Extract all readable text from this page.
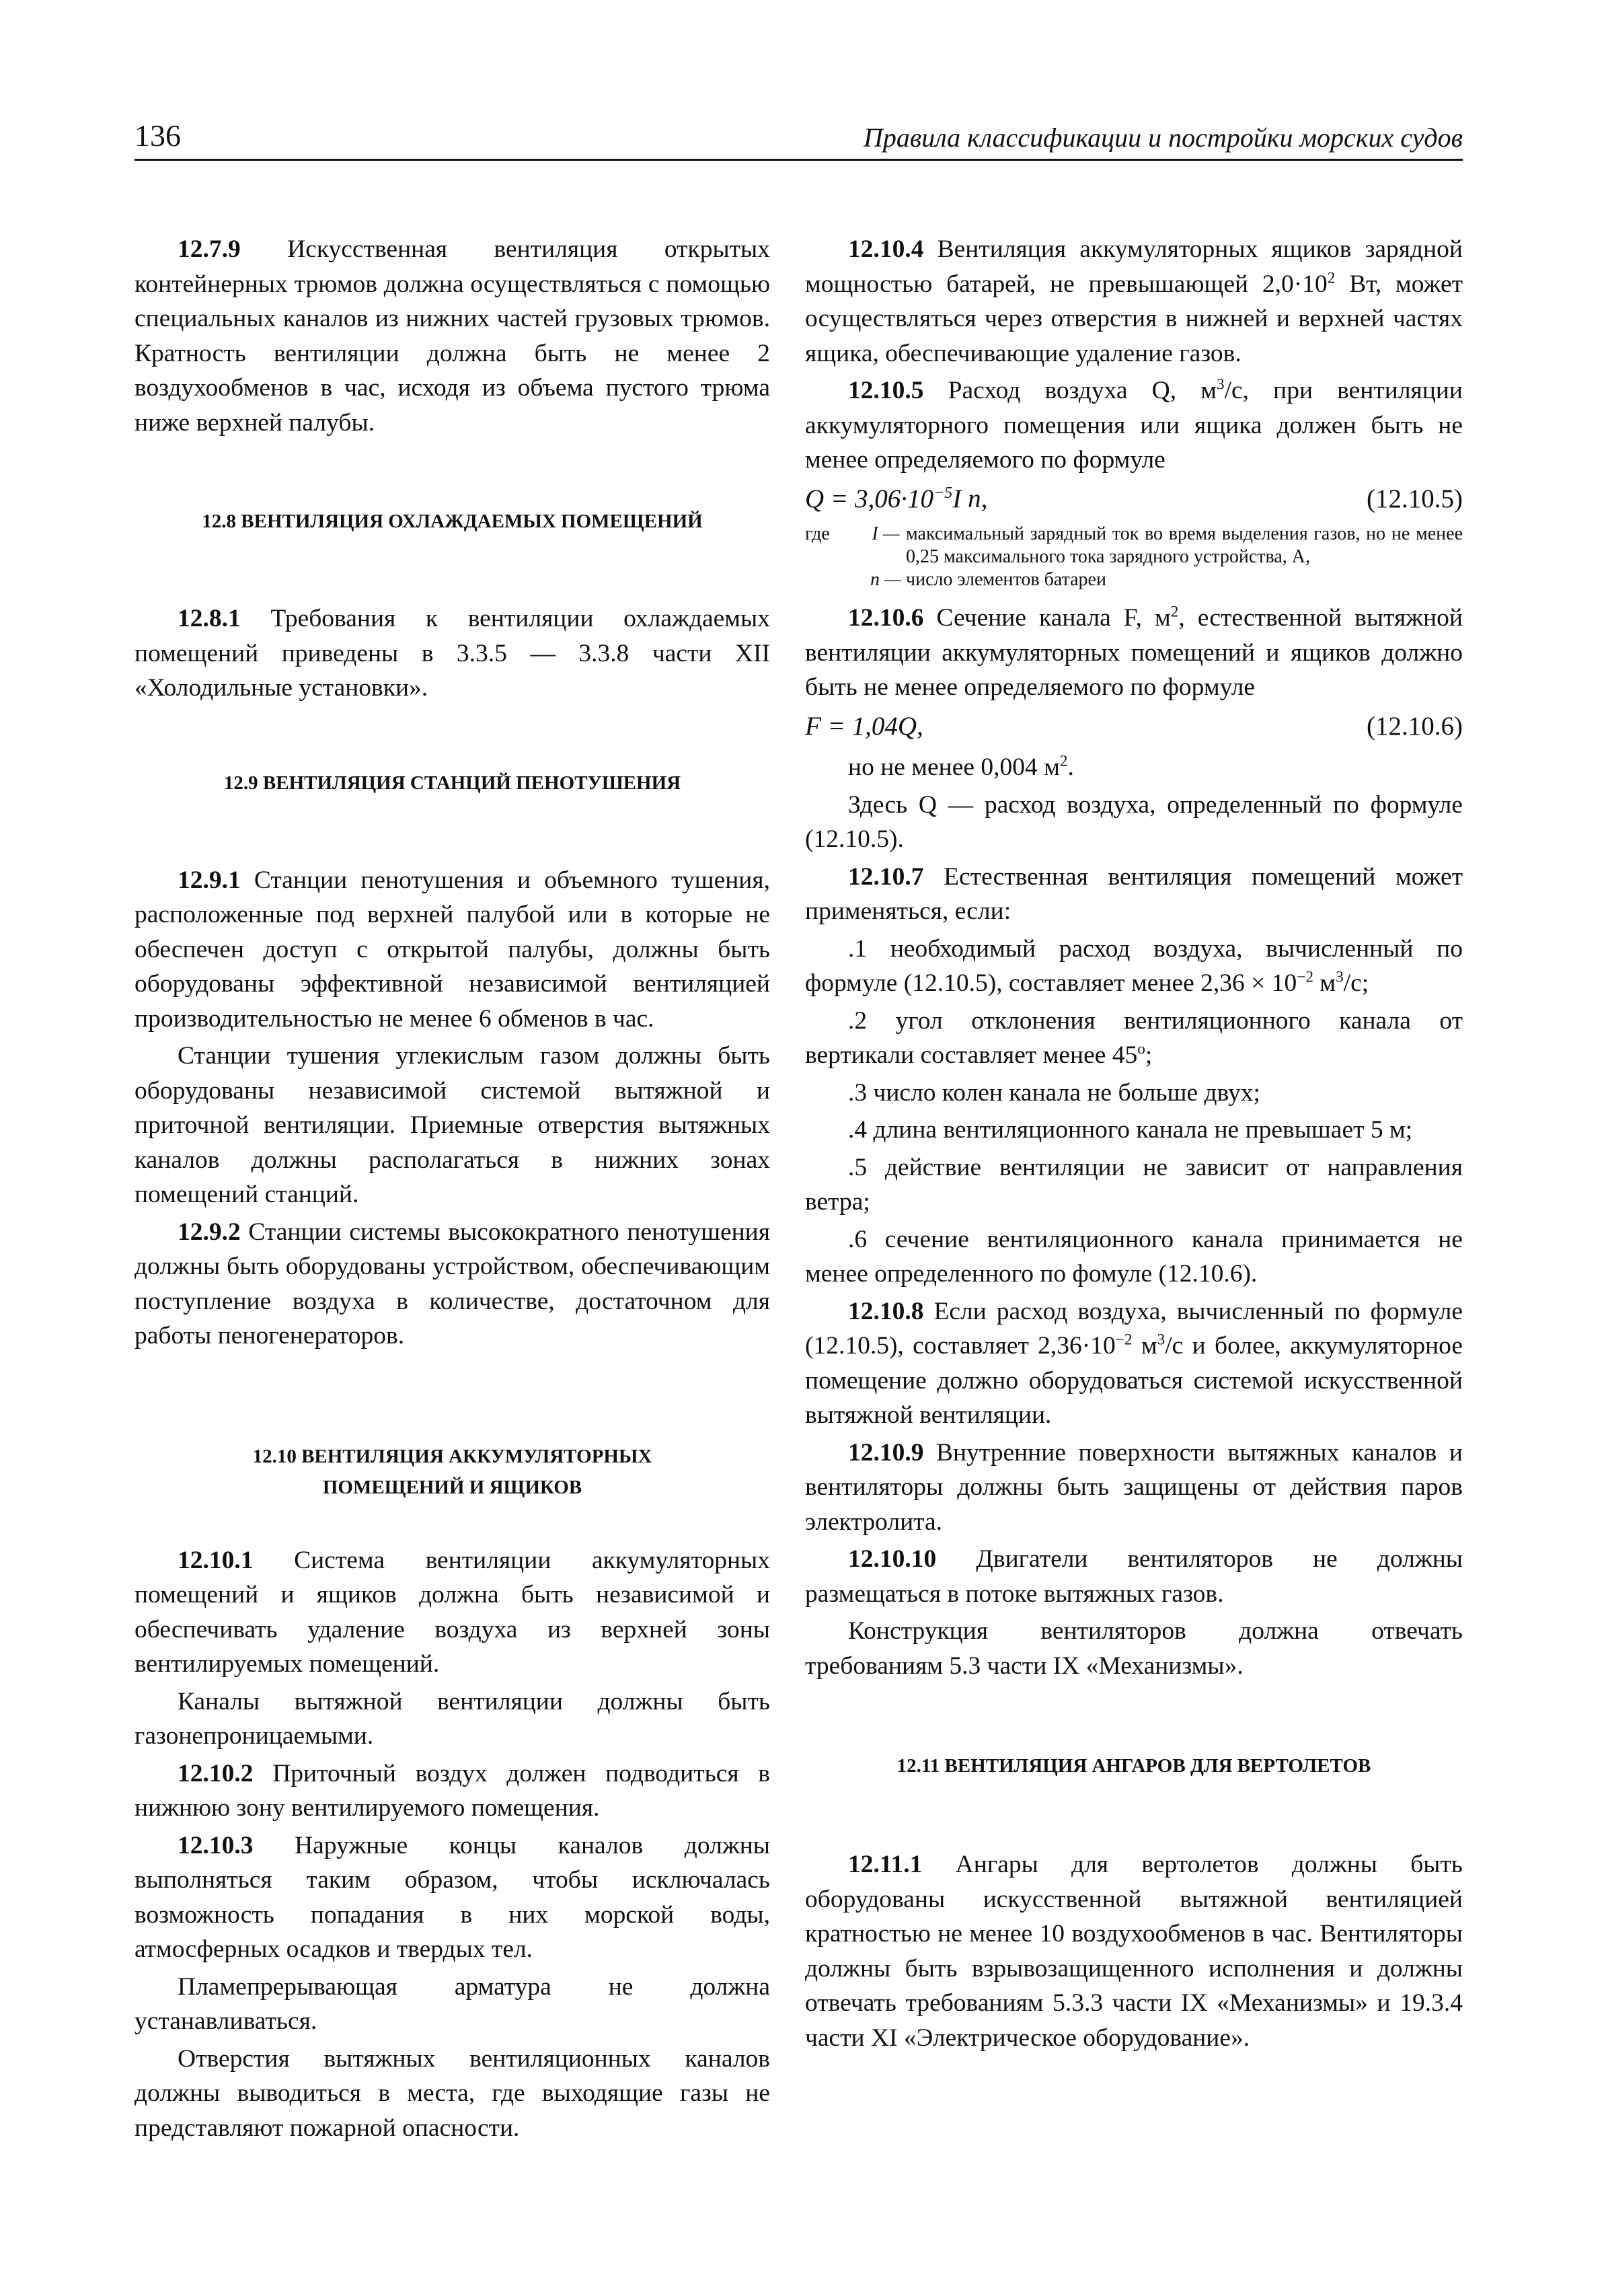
136	Правила классификации и постройки морских судов

12.7.9 Искусственная вентиляция открытых контейнерных трюмов должна осуществляться с помощью специальных каналов из нижних частей грузовых трюмов. Кратность вентиляции должна быть не менее 2 воздухообменов в час, исходя из объема пустого трюма ниже верхней палубы.

12.8 ВЕНТИЛЯЦИЯ ОХЛАЖДАЕМЫХ ПОМЕЩЕНИЙ

12.8.1 Требования к вентиляции охлаждаемых помещений приведены в 3.3.5 — 3.3.8 части XII «Холодильные установки».

12.9 ВЕНТИЛЯЦИЯ СТАНЦИЙ ПЕНОТУШЕНИЯ

12.9.1 Станции пенотушения и объемного тушения, расположенные под верхней палубой или в которые не обеспечен доступ с открытой палубы, должны быть оборудованы эффективной независимой вентиляцией производительностью не менее 6 обменов в час.

Станции тушения углекислым газом должны быть оборудованы независимой системой вытяжной и приточной вентиляции. Приемные отверстия вытяжных каналов должны располагаться в нижних зонах помещений станций.

12.9.2 Станции системы высокократного пенотушения должны быть оборудованы устройством, обеспечивающим поступление воздуха в количестве, достаточном для работы пеногенераторов.

12.10 ВЕНТИЛЯЦИЯ АККУМУЛЯТОРНЫХ
ПОМЕЩЕНИЙ И ЯЩИКОВ

12.10.1 Система вентиляции аккумуляторных помещений и ящиков должна быть независимой и обеспечивать удаление воздуха из верхней зоны вентилируемых помещений.

Каналы вытяжной вентиляции должны быть газонепроницаемыми.

12.10.2 Приточный воздух должен подводиться в нижнюю зону вентилируемого помещения.

12.10.3 Наружные концы каналов должны выполняться таким образом, чтобы исключалась возможность попадания в них морской воды, атмосферных осадков и твердых тел.

Пламепрерывающая арматура не должна устанавливаться.

Отверстия вытяжных вентиляционных каналов должны выводиться в места, где выходящие газы не представляют пожарной опасности.

12.10.4 Вентиляция аккумуляторных ящиков зарядной мощностью батарей, не превышающей $2,0\cdot 10^2$ Вт, может осуществляться через отверстия в нижней и верхней частях ящика, обеспечивающие удаление газов.

12.10.5 Расход воздуха Q, $м^3/с$, при вентиляции аккумуляторного помещения или ящика должен быть не менее определяемого по формуле

$Q = 3,06\cdot 10^{-5}I$ n,	(12.10.5)
где	I — максимальный зарядный ток во время выделения газов, но не менее 0,25 максимального тока зарядного устройства, А,
n — число элементов батареи

12.10.6 Сечение канала F, $м^2$, естественной вытяжной вентиляции аккумуляторных помещений и ящиков должно быть не менее определяемого по формуле

F = 1,04Q,	(12.10.6)

но не менее 0,004 $м^2$.

Здесь Q — расход воздуха, определенный по формуле (12.10.5).

12.10.7 Естественная вентиляция помещений может применяться, если:

.1 необходимый расход воздуха, вычисленный по формуле (12.10.5), составляет менее $2,36 \times 10^{-2}$ $м^3/с$;

.2 угол отклонения вентиляционного канала от вертикали составляет менее $45^о$;

.3 число колен канала не больше двух;

.4 длина вентиляционного канала не превышает 5 м;

.5 действие вентиляции не зависит от направления ветра;

.6 сечение вентиляционного канала принимается не менее определенного по фомуле (12.10.6).

12.10.8 Если расход воздуха, вычисленный по формуле (12.10.5), составляет $2,36\cdot 10^{-2}$ $м^3/с$ и более, аккумуляторное помещение должно оборудоваться системой искусственной вытяжной вентиляции.

12.10.9 Внутренние поверхности вытяжных каналов и вентиляторы должны быть защищены от действия паров электролита.

12.10.10 Двигатели вентиляторов не должны размещаться в потоке вытяжных газов.

Конструкция вентиляторов должна отвечать требованиям 5.3 части IX «Механизмы».

12.11 ВЕНТИЛЯЦИЯ АНГАРОВ ДЛЯ ВЕРТОЛЕТОВ

12.11.1 Ангары для вертолетов должны быть оборудованы искусственной вытяжной вентиляцией кратностью не менее 10 воздухообменов в час. Вентиляторы должны быть взрывозащищенного исполнения и должны отвечать требованиям 5.3.3 части IX «Механизмы» и 19.3.4 части XI «Электрическое оборудование».
